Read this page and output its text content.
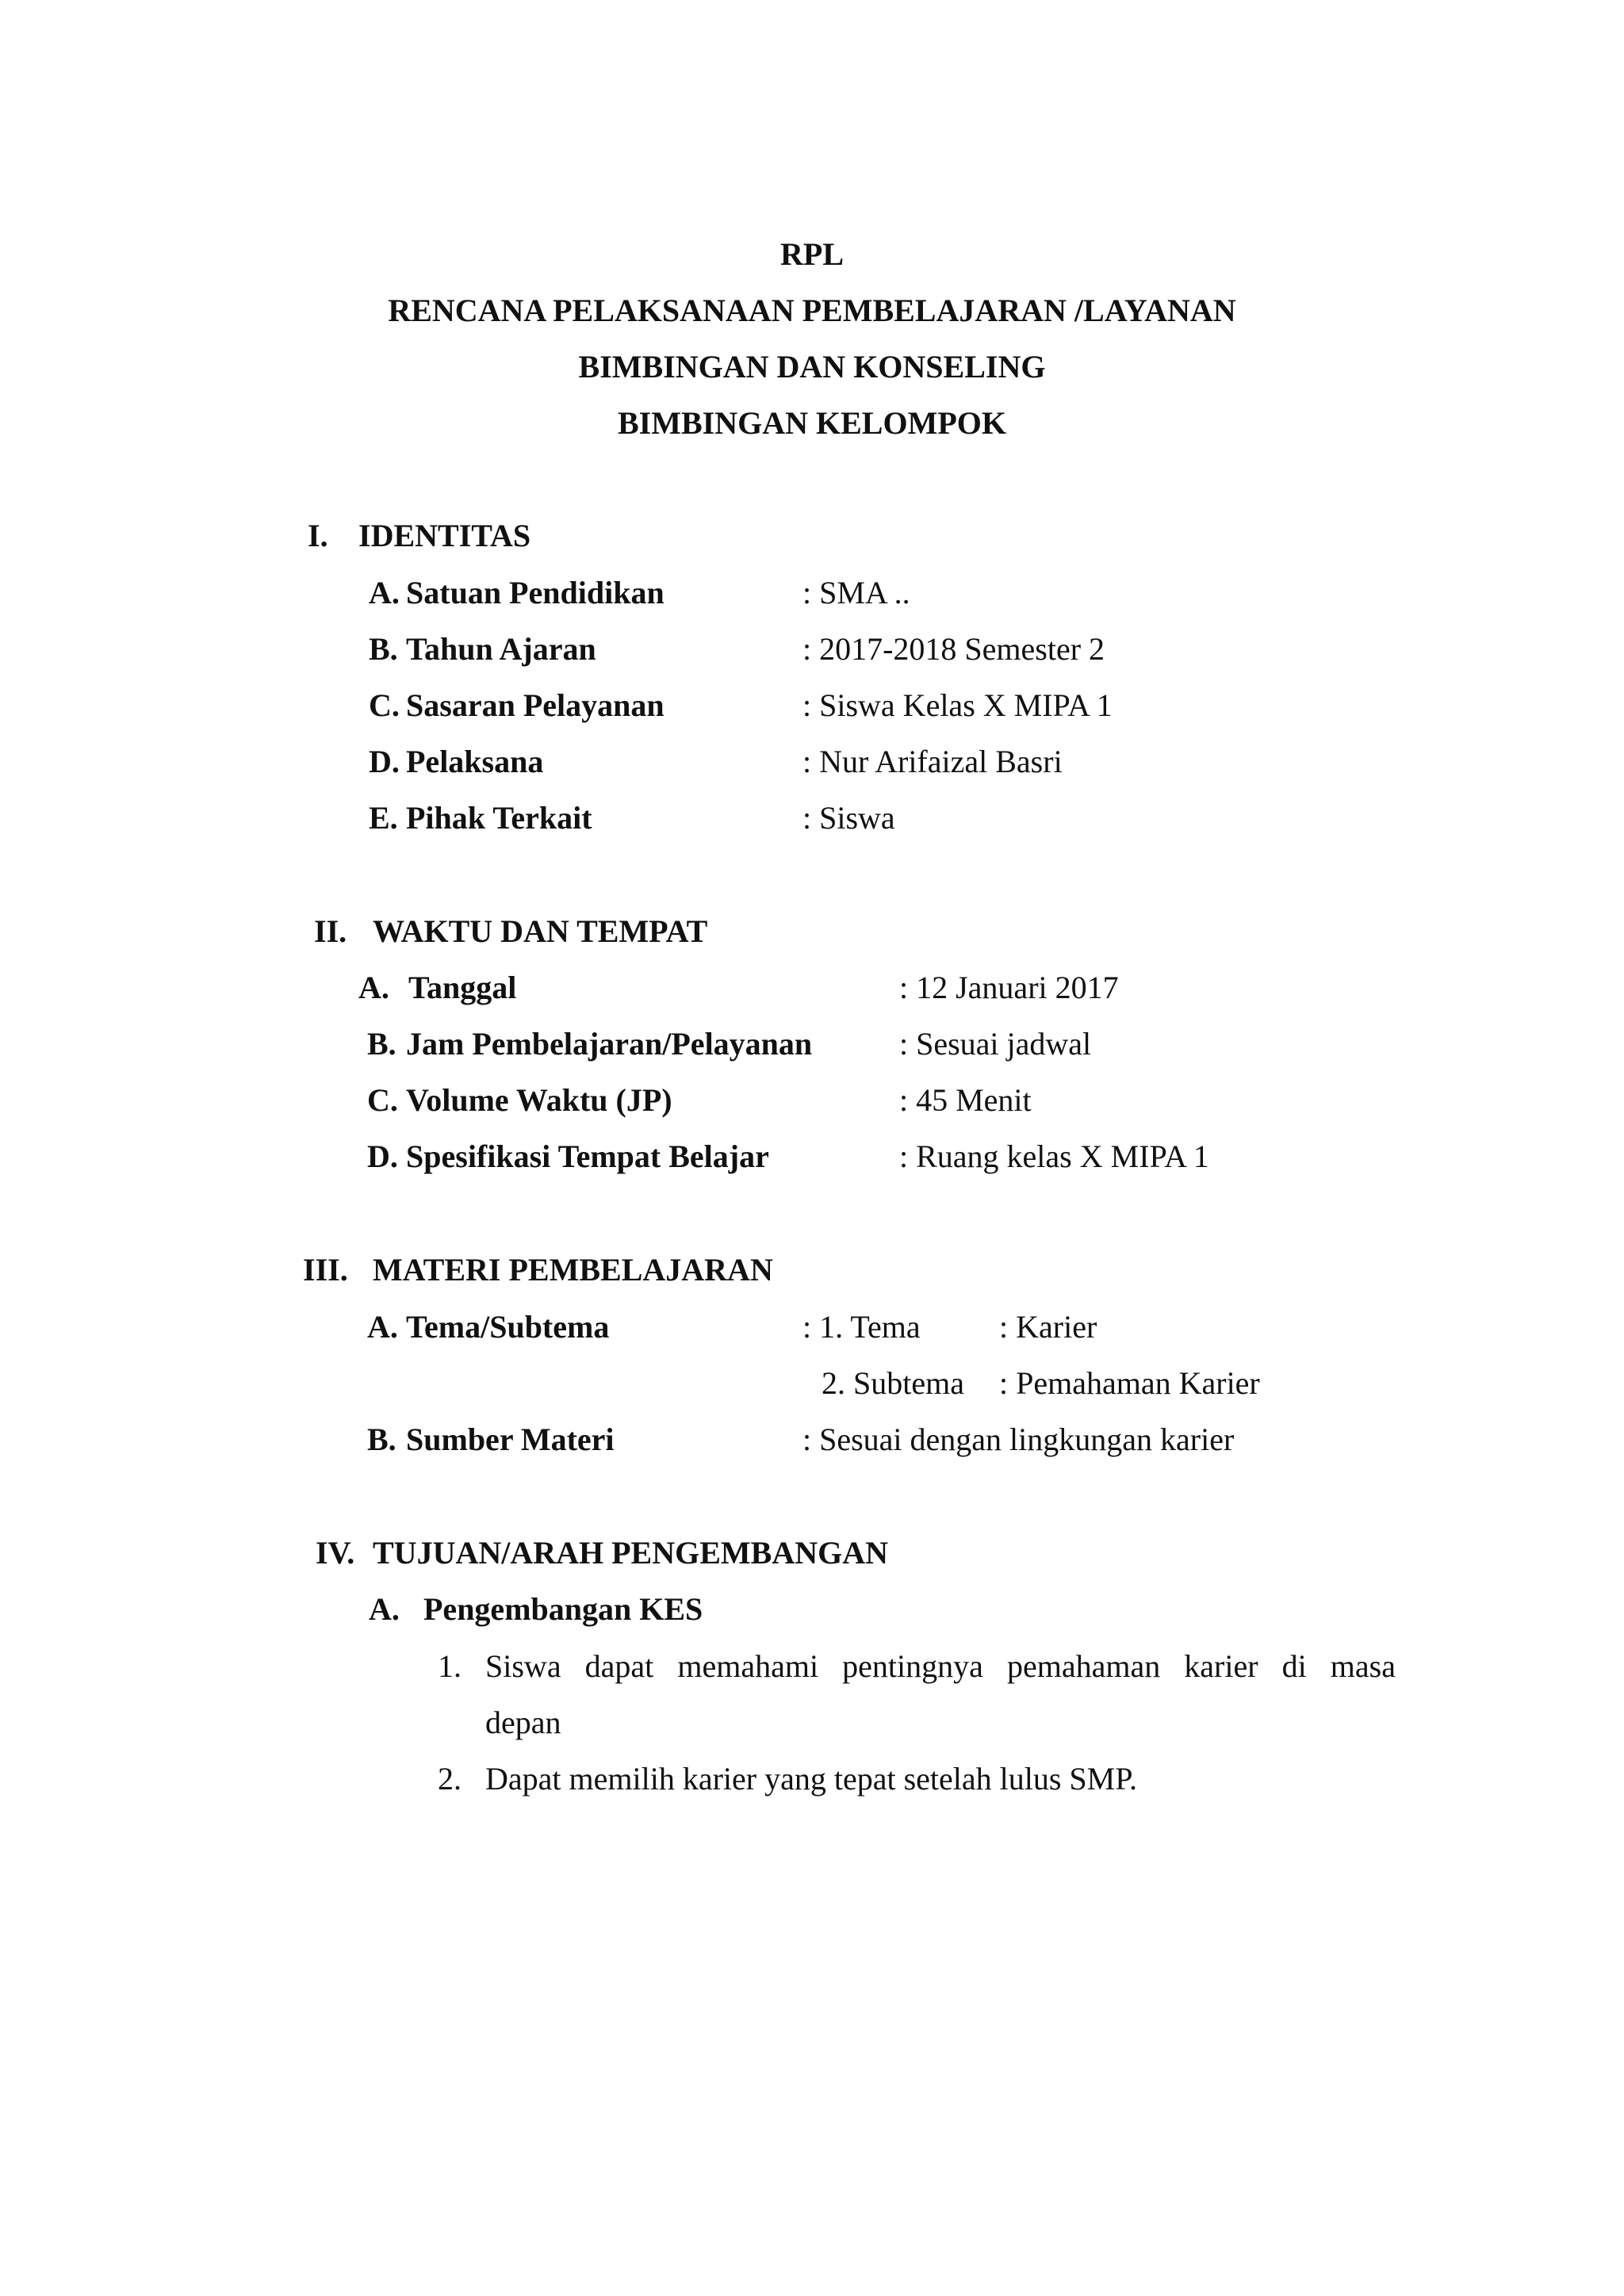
RPL
RENCANA PELAKSANAAN PEMBELAJARAN /LAYANAN
BIMBINGAN DAN KONSELING
BIMBINGAN KELOMPOK
I. IDENTITAS
A. Satuan Pendidikan	: SMA ..
B. Tahun Ajaran	: 2017-2018 Semester 2
C. Sasaran Pelayanan	: Siswa Kelas X MIPA 1
D. Pelaksana	: Nur Arifaizal Basri
E. Pihak Terkait	: Siswa
II. WAKTU DAN TEMPAT
A. Tanggal	: 12 Januari 2017
B. Jam Pembelajaran/Pelayanan	: Sesuai jadwal
C. Volume Waktu (JP)	: 45 Menit
D. Spesifikasi Tempat Belajar	: Ruang kelas X MIPA 1
III. MATERI PEMBELAJARAN
A. Tema/Subtema	: 1. Tema : Karier
2. Subtema : Pemahaman Karier
B. Sumber Materi	: Sesuai dengan lingkungan karier
IV. TUJUAN/ARAH PENGEMBANGAN
A. Pengembangan KES
1. Siswa dapat memahami pentingnya pemahaman karier di masa
depan
2. Dapat memilih karier yang tepat setelah lulus SMP.
